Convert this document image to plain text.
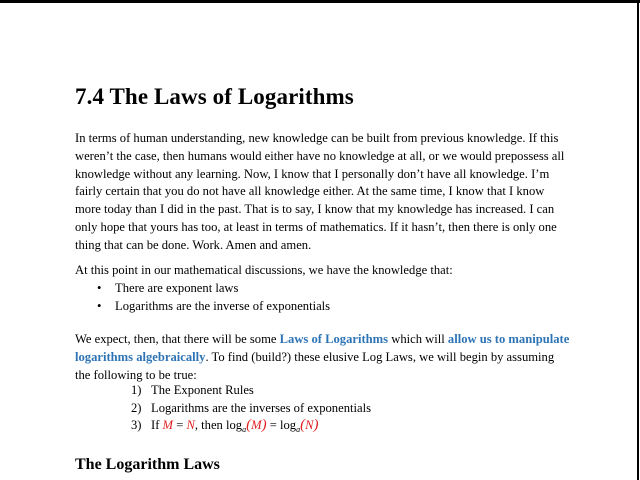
7.4 The Laws of Logarithms

In terms of human understanding, new knowledge can be built from previous knowledge. If this weren’t the case, then humans would either have no knowledge at all, or we would prepossess all knowledge without any learning. Now, I know that I personally don’t have all knowledge. I’m fairly certain that you do not have all knowledge either. At the same time, I know that I know more today than I did in the past. That is to say, I know that my knowledge has increased. I can only hope that yours has too, at least in terms of mathematics. If it hasn’t, then there is only one thing that can be done. Work. Amen and amen.

At this point in our mathematical discussions, we have the knowledge that:

• There are exponent laws
• Logarithms are the inverse of exponentials

We expect, then, that there will be some Laws of Logarithms which will allow us to manipulate logarithms algebraically. To find (build?) these elusive Log Laws, we will begin by assuming the following to be true:

1) The Exponent Rules
2) Logarithms are the inverses of exponentials
3) If M = N, then $\log_a(M) = \log_a(N)$
The Logarithm Laws
